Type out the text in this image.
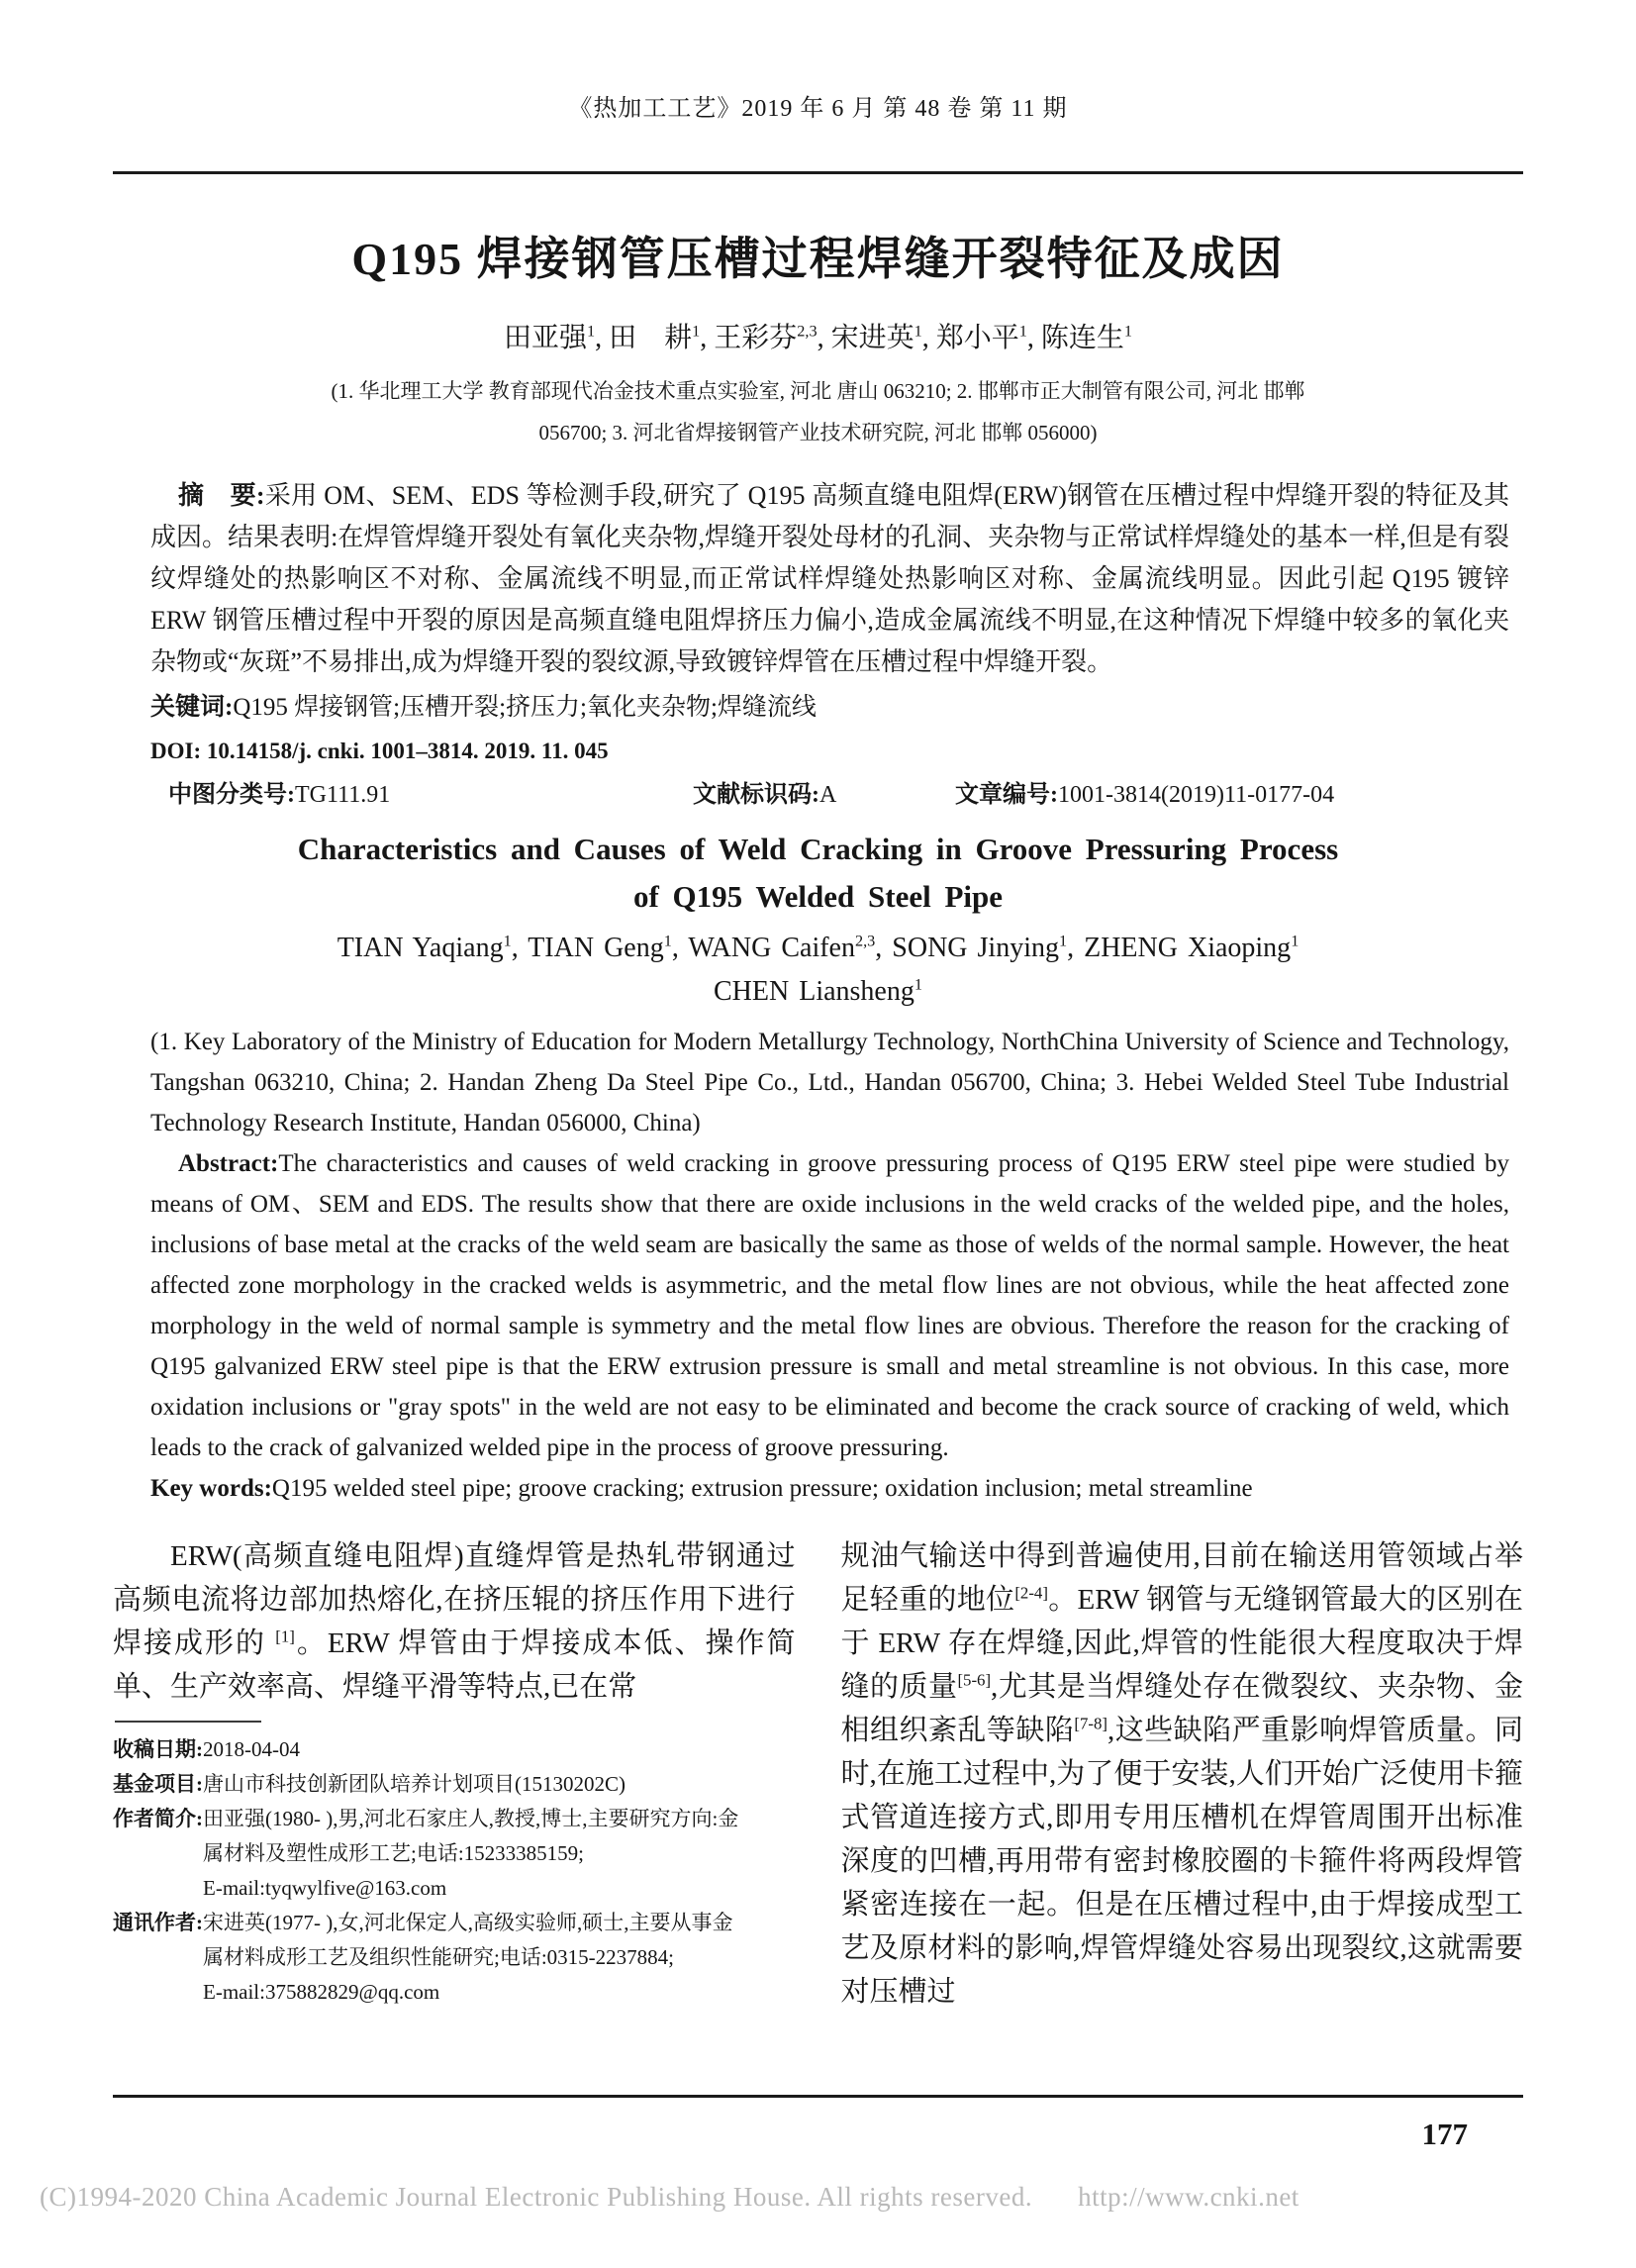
《热加工工艺》2019 年 6 月 第 48 卷 第 11 期
Q195 焊接钢管压槽过程焊缝开裂特征及成因
田亚强$^1$, 田　耕$^1$, 王彩芬$^{2,3}$, 宋进英$^1$, 郑小平$^1$, 陈连生$^1$
(1. 华北理工大学 教育部现代冶金技术重点实验室, 河北 唐山 063210; 2. 邯郸市正大制管有限公司, 河北 邯郸
056700; 3. 河北省焊接钢管产业技术研究院, 河北 邯郸 056000)

摘　要:采用 OM、SEM、EDS 等检测手段,研究了 Q195 高频直缝电阻焊(ERW)钢管在压槽过程中焊缝开裂的特征及其成因。结果表明:在焊管焊缝开裂处有氧化夹杂物,焊缝开裂处母材的孔洞、夹杂物与正常试样焊缝处的基本一样,但是有裂纹焊缝处的热影响区不对称、金属流线不明显,而正常试样焊缝处热影响区对称、金属流线明显。因此引起 Q195 镀锌 ERW 钢管压槽过程中开裂的原因是高频直缝电阻焊挤压力偏小,造成金属流线不明显,在这种情况下焊缝中较多的氧化夹杂物或“灰斑”不易排出,成为焊缝开裂的裂纹源,导致镀锌焊管在压槽过程中焊缝开裂。

关键词:Q195 焊接钢管;压槽开裂;挤压力;氧化夹杂物;焊缝流线

DOI: 10.14158/j. cnki. 1001–3814. 2019. 11. 045

中图分类号:TG111.91	文献标识码:A	文章编号:1001-3814(2019)11-0177-04
Characteristics and Causes of Weld Cracking in Groove Pressuring Process
of Q195 Welded Steel Pipe
TIAN Yaqiang$^1$, TIAN Geng$^1$, WANG Caifen$^{2,3}$, SONG Jinying$^1$, ZHENG Xiaoping$^1$
CHEN Liansheng$^1$
(1. Key Laboratory of the Ministry of Education for Modern Metallurgy Technology, NorthChina University of Science and Technology, Tangshan 063210, China; 2. Handan Zheng Da Steel Pipe Co., Ltd., Handan 056700, China; 3. Hebei Welded Steel Tube Industrial Technology Research Institute, Handan 056000, China)

Abstract:The characteristics and causes of weld cracking in groove pressuring process of Q195 ERW steel pipe were studied by means of OM、SEM and EDS. The results show that there are oxide inclusions in the weld cracks of the welded pipe, and the holes, inclusions of base metal at the cracks of the weld seam are basically the same as those of welds of the normal sample. However, the heat affected zone morphology in the cracked welds is asymmetric, and the metal flow lines are not obvious, while the heat affected zone morphology in the weld of normal sample is symmetry and the metal flow lines are obvious. Therefore the reason for the cracking of Q195 galvanized ERW steel pipe is that the ERW extrusion pressure is small and metal streamline is not obvious. In this case, more oxidation inclusions or "gray spots" in the weld are not easy to be eliminated and become the crack source of cracking of weld, which leads to the crack of galvanized welded pipe in the process of groove pressuring.

Key words:Q195 welded steel pipe; groove cracking; extrusion pressure; oxidation inclusion; metal streamline

ERW(高频直缝电阻焊)直缝焊管是热轧带钢通过高频电流将边部加热熔化,在挤压辊的挤压作用下进行焊接成形的 [1]。ERW 焊管由于焊接成本低、操作简单、生产效率高、焊缝平滑等特点,已在常

收稿日期: 2018-04-04
基金项目: 唐山市科技创新团队培养计划项目(15130202C)
作者简介: 田亚强(1980- ),男,河北石家庄人,教授,博士,主要研究方向:金
属材料及塑性成形工艺;电话:15233385159;
E-mail:tyqwylfive@163.com
通讯作者: 宋进英(1977- ),女,河北保定人,高级实验师,硕士,主要从事金
属材料成形工艺及组织性能研究;电话:0315-2237884;
E-mail:375882829@qq.com

规油气输送中得到普遍使用,目前在输送用管领域占举足轻重的地位[2-4]。ERW 钢管与无缝钢管最大的区别在于 ERW 存在焊缝,因此,焊管的性能很大程度取决于焊缝的质量[5-6],尤其是当焊缝处存在微裂纹、夹杂物、金相组织紊乱等缺陷[7-8],这些缺陷严重影响焊管质量。同时,在施工过程中,为了便于安装,人们开始广泛使用卡箍式管道连接方式,即用专用压槽机在焊管周围开出标准深度的凹槽,再用带有密封橡胶圈的卡箍件将两段焊管紧密连接在一起。但是在压槽过程中,由于焊接成型工艺及原材料的影响,焊管焊缝处容易出现裂纹,这就需要对压槽过

177
(C)1994-2020 China Academic Journal Electronic Publishing House. All rights reserved. http://www.cnki.net
